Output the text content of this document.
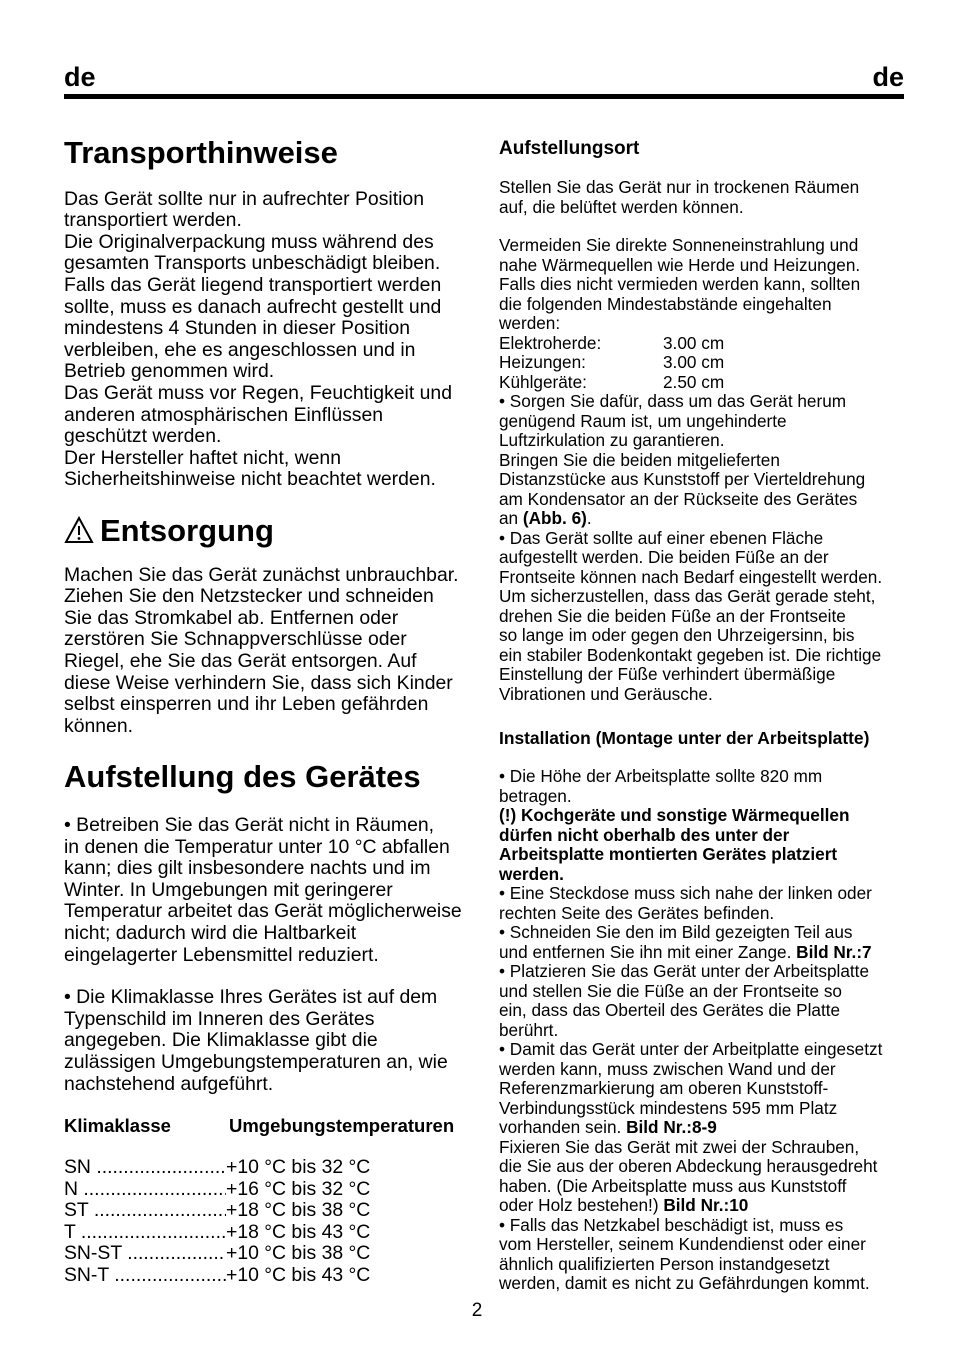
de	de
Transporthinweise
Das Gerät sollte nur in aufrechter Position
transportiert werden.
Die Originalverpackung muss während des
gesamten Transports unbeschädigt bleiben.
Falls das Gerät liegend transportiert werden
sollte, muss es danach aufrecht gestellt und
mindestens 4 Stunden in dieser Position
verbleiben, ehe es angeschlossen und in
Betrieb genommen wird.
Das Gerät muss vor Regen, Feuchtigkeit und
anderen atmosphärischen Einflüssen
geschützt werden.
Der Hersteller haftet nicht, wenn
Sicherheitshinweise nicht beachtet werden.
Entsorgung
Machen Sie das Gerät zunächst unbrauchbar.
Ziehen Sie den Netzstecker und schneiden
Sie das Stromkabel ab. Entfernen oder
zerstören Sie Schnappverschlüsse oder
Riegel, ehe Sie das Gerät entsorgen. Auf
diese Weise verhindern Sie, dass sich Kinder
selbst einsperren und ihr Leben gefährden
können.
Aufstellung des Gerätes
• Betreiben Sie das Gerät nicht in Räumen,
in denen die Temperatur unter 10 °C abfallen
kann; dies gilt insbesondere nachts und im
Winter. In Umgebungen mit geringerer
Temperatur arbeitet das Gerät möglicherweise
nicht; dadurch wird die Haltbarkeit
eingelagerter Lebensmittel reduziert.
• Die Klimaklasse Ihres Gerätes ist auf dem
Typenschild im Inneren des Gerätes
angegeben. Die Klimaklasse gibt die
zulässigen Umgebungstemperaturen an, wie
nachstehend aufgeführt.
Klimaklasse	Umgebungstemperaturen
SN .....	+10 °C bis 32 °C
N .....	+16 °C bis 32 °C
ST .....	+18 °C bis 38 °C
T .....	+18 °C bis 43 °C
SN-ST .....	+10 °C bis 38 °C
SN-T .....	+10 °C bis 43 °C
Aufstellungsort
Stellen Sie das Gerät nur in trockenen Räumen
auf, die belüftet werden können.
Vermeiden Sie direkte Sonneneinstrahlung und
nahe Wärmequellen wie Herde und Heizungen.
Falls dies nicht vermieden werden kann, sollten
die folgenden Mindestabstände eingehalten
werden:
Elektroherde:	3.00 cm
Heizungen:	3.00 cm
Kühlgeräte:	2.50 cm
• Sorgen Sie dafür, dass um das Gerät herum
genügend Raum ist, um ungehinderte
Luftzirkulation zu garantieren.
Bringen Sie die beiden mitgelieferten
Distanzstücke aus Kunststoff per Vierteldrehung
am Kondensator an der Rückseite des Gerätes
an (Abb. 6).
• Das Gerät sollte auf einer ebenen Fläche
aufgestellt werden. Die beiden Füße an der
Frontseite können nach Bedarf eingestellt werden.
Um sicherzustellen, dass das Gerät gerade steht,
drehen Sie die beiden Füße an der Frontseite
so lange im oder gegen den Uhrzeigersinn, bis
ein stabiler Bodenkontakt gegeben ist. Die richtige
Einstellung der Füße verhindert übermäßige
Vibrationen und Geräusche.
Installation (Montage unter der Arbeitsplatte)
• Die Höhe der Arbeitsplatte sollte 820 mm
betragen.
(!) Kochgeräte und sonstige Wärmequellen
dürfen nicht oberhalb des unter der
Arbeitsplatte montierten Gerätes platziert
werden.
• Eine Steckdose muss sich nahe der linken oder
rechten Seite des Gerätes befinden.
• Schneiden Sie den im Bild gezeigten Teil aus
und entfernen Sie ihn mit einer Zange. Bild Nr.:7
• Platzieren Sie das Gerät unter der Arbeitsplatte
und stellen Sie die Füße an der Frontseite so
ein, dass das Oberteil des Gerätes die Platte
berührt.
• Damit das Gerät unter der Arbeitplatte eingesetzt
werden kann, muss zwischen Wand und der
Referenzmarkierung am oberen Kunststoff-
Verbindungsstück mindestens 595 mm Platz
vorhanden sein. Bild Nr.:8-9
Fixieren Sie das Gerät mit zwei der Schrauben,
die Sie aus der oberen Abdeckung herausgedreht
haben. (Die Arbeitsplatte muss aus Kunststoff
oder Holz bestehen!) Bild Nr.:10
• Falls das Netzkabel beschädigt ist, muss es
vom Hersteller, seinem Kundendienst oder einer
ähnlich qualifizierten Person instandgesetzt
werden, damit es nicht zu Gefährdungen kommt.
2
